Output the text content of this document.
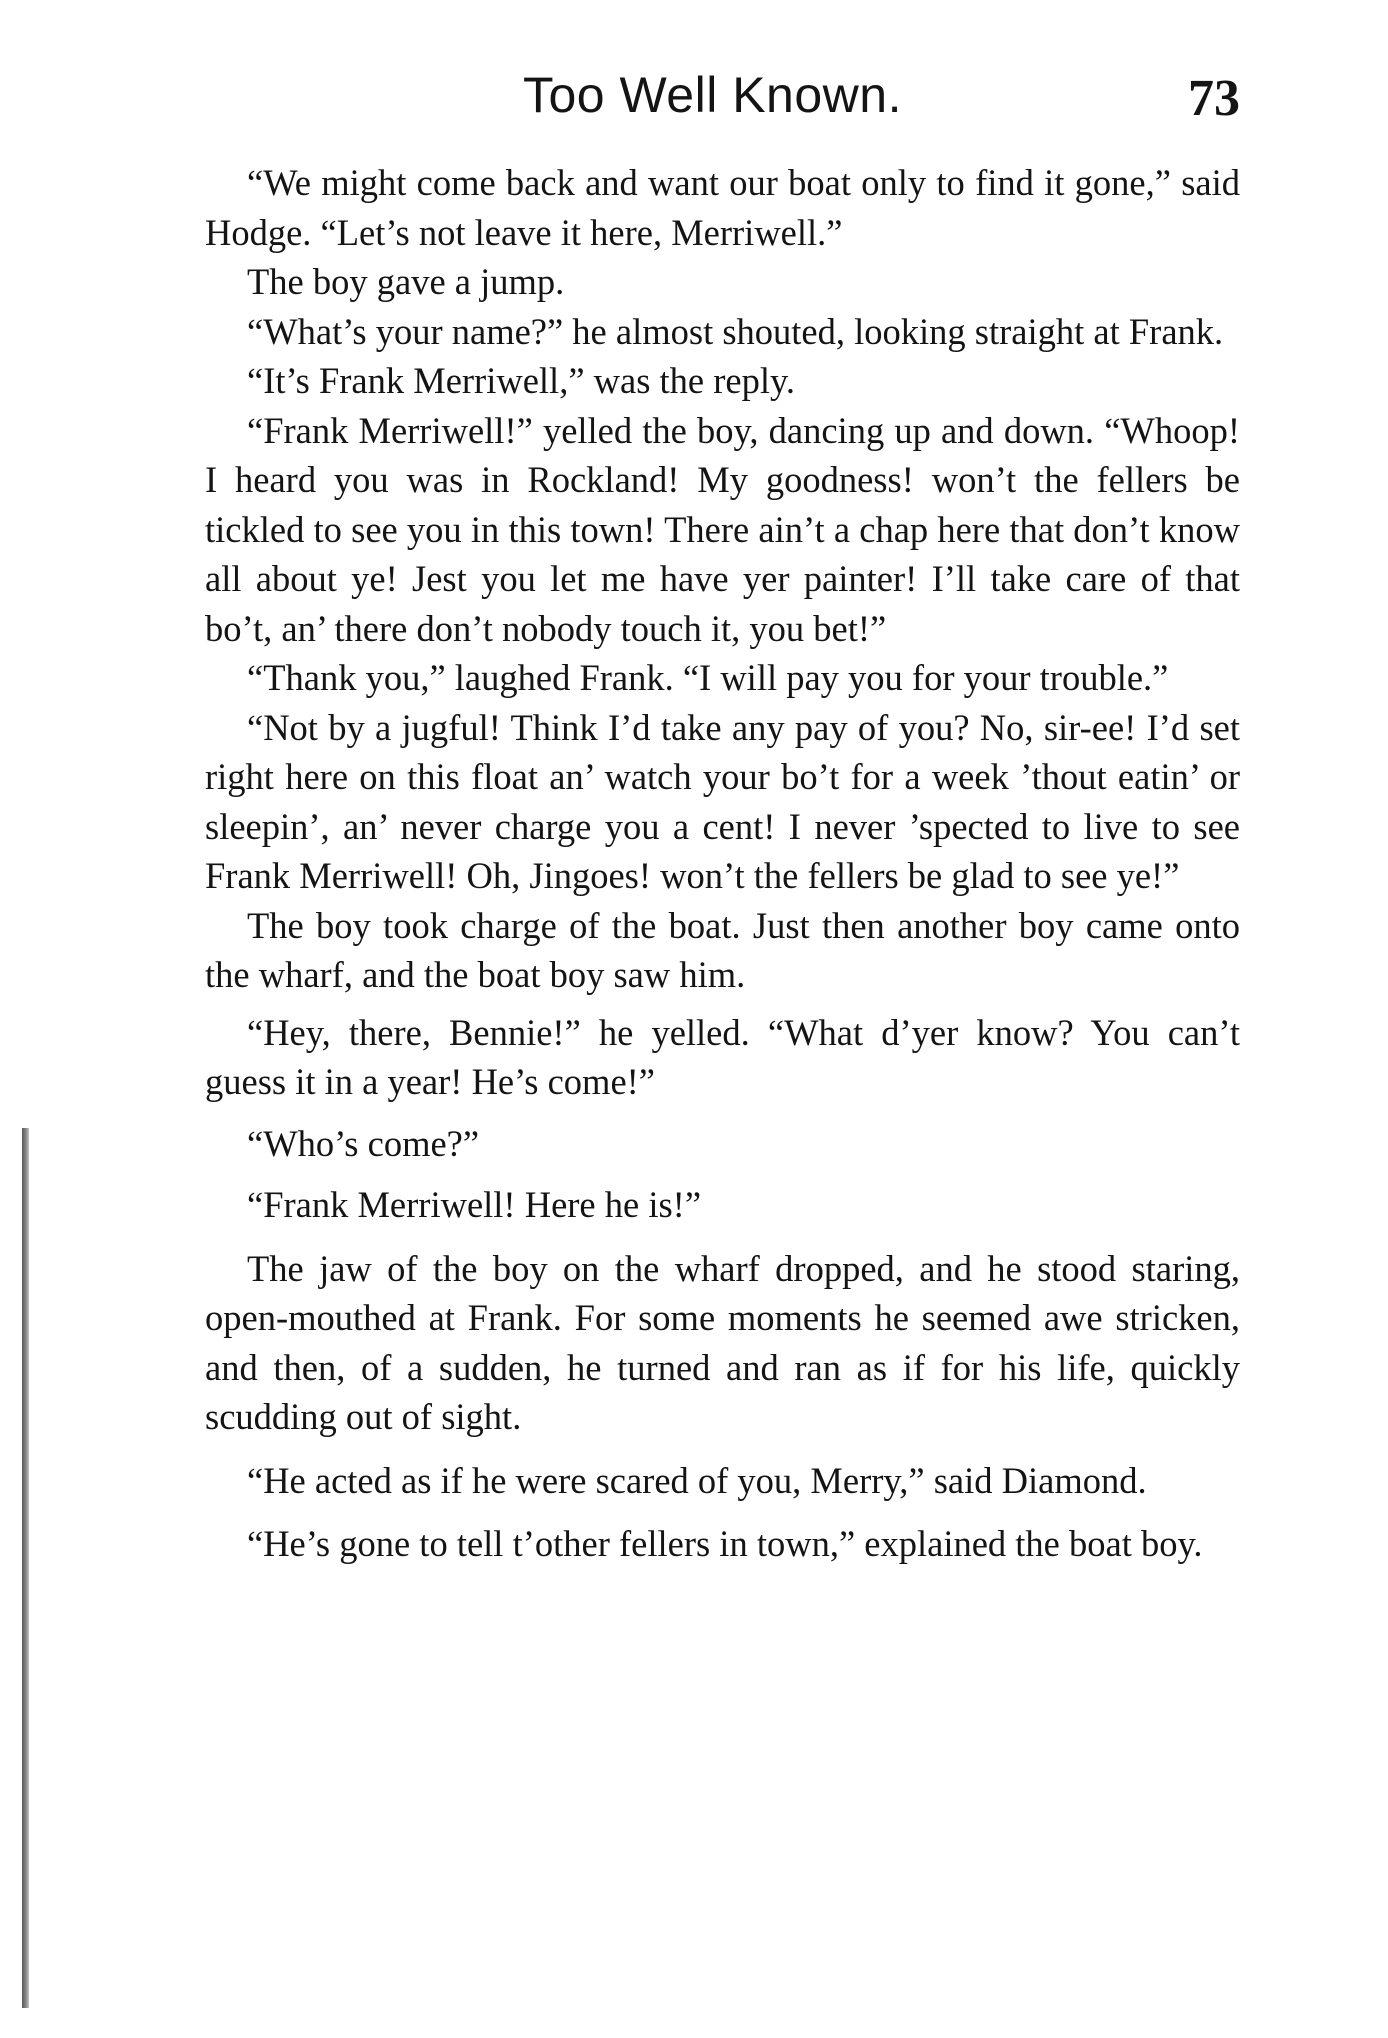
Too Well Known.	73

“We might come back and want our boat only to find it gone,” said Hodge. “Let’s not leave it here, Merriwell.”

The boy gave a jump.

“What’s your name?” he almost shouted, looking straight at Frank.

“It’s Frank Merriwell,” was the reply.

“Frank Merriwell!” yelled the boy, dancing up and down. “Whoop! I heard you was in Rockland! My goodness! won’t the fellers be tickled to see you in this town! There ain’t a chap here that don’t know all about ye! Jest you let me have yer painter! I’ll take care of that bo’t, an’ there don’t nobody touch it, you bet!”

“Thank you,” laughed Frank. “I will pay you for your trouble.”

“Not by a jugful! Think I’d take any pay of you? No, sir-ee! I’d set right here on this float an’ watch your bo’t for a week ’thout eatin’ or sleepin’, an’ never charge you a cent! I never ’spected to live to see Frank Merriwell! Oh, Jingoes! won’t the fellers be glad to see ye!”

The boy took charge of the boat. Just then another boy came onto the wharf, and the boat boy saw him.

“Hey, there, Bennie!” he yelled. “What d’yer know? You can’t guess it in a year! He’s come!”

“Who’s come?”

“Frank Merriwell! Here he is!”

The jaw of the boy on the wharf dropped, and he stood staring, open-mouthed at Frank. For some moments he seemed awe stricken, and then, of a sudden, he turned and ran as if for his life, quickly scudding out of sight.

“He acted as if he were scared of you, Merry,” said Diamond.

“He’s gone to tell t’other fellers in town,” explained the boat boy.
